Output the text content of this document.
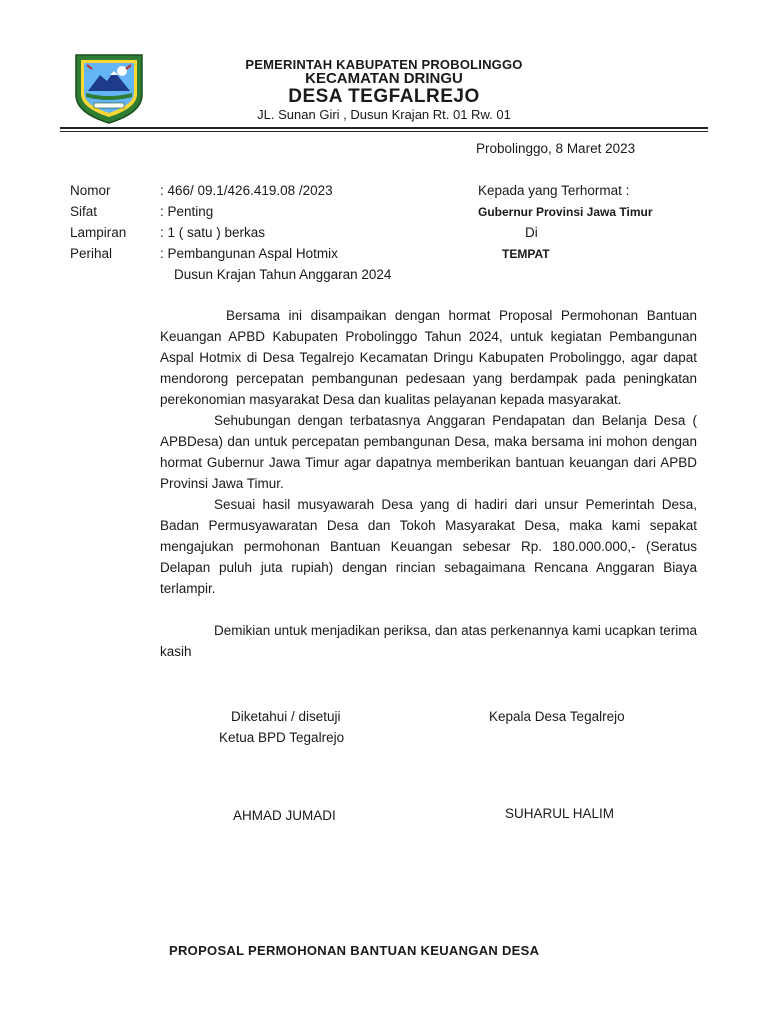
PEMERINTAH KABUPATEN PROBOLINGGO
KECAMATAN DRINGU
DESA TEGFALREJO
JL. Sunan Giri , Dusun Krajan Rt. 01 Rw. 01
Probolinggo, 8 Maret 2023
Nomor	: 466/ 09.1/426.419.08 /2023
Sifat	: Penting
Lampiran : 1 ( satu ) berkas
Perihal	: Pembangunan Aspal Hotmix
Dusun Krajan Tahun Anggaran 2024
Kepada yang Terhormat :
Gubernur Provinsi Jawa Timur
Di
TEMPAT

Bersama ini disampaikan dengan hormat Proposal Permohonan Bantuan Keuangan APBD Kabupaten Probolinggo Tahun 2024, untuk kegiatan Pembangunan Aspal Hotmix di Desa Tegalrejo Kecamatan Dringu Kabupaten Probolinggo, agar dapat mendorong percepatan pembangunan pedesaan yang berdampak pada peningkatan perekonomian masyarakat Desa dan kualitas pelayanan kepada masyarakat.

Sehubungan dengan terbatasnya Anggaran Pendapatan dan Belanja Desa ( APBDesa) dan untuk percepatan pembangunan Desa, maka bersama ini mohon dengan hormat Gubernur Jawa Timur agar dapatnya memberikan bantuan keuangan dari APBD Provinsi Jawa Timur.

Sesuai hasil musyawarah Desa yang di hadiri dari unsur Pemerintah Desa, Badan Permusyawaratan Desa dan Tokoh Masyarakat Desa, maka kami sepakat mengajukan permohonan Bantuan Keuangan sebesar Rp. 180.000.000,- (Seratus Delapan puluh juta rupiah) dengan rincian sebagaimana Rencana Anggaran Biaya terlampir.

Demikian untuk menjadikan periksa, dan atas perkenannya kami ucapkan terima kasih

Diketahui / disetuji
Ketua BPD Tegalrejo
AHMAD JUMADI
Kepala Desa Tegalrejo
SUHARUL HALIM
PROPOSAL PERMOHONAN BANTUAN KEUANGAN DESA
